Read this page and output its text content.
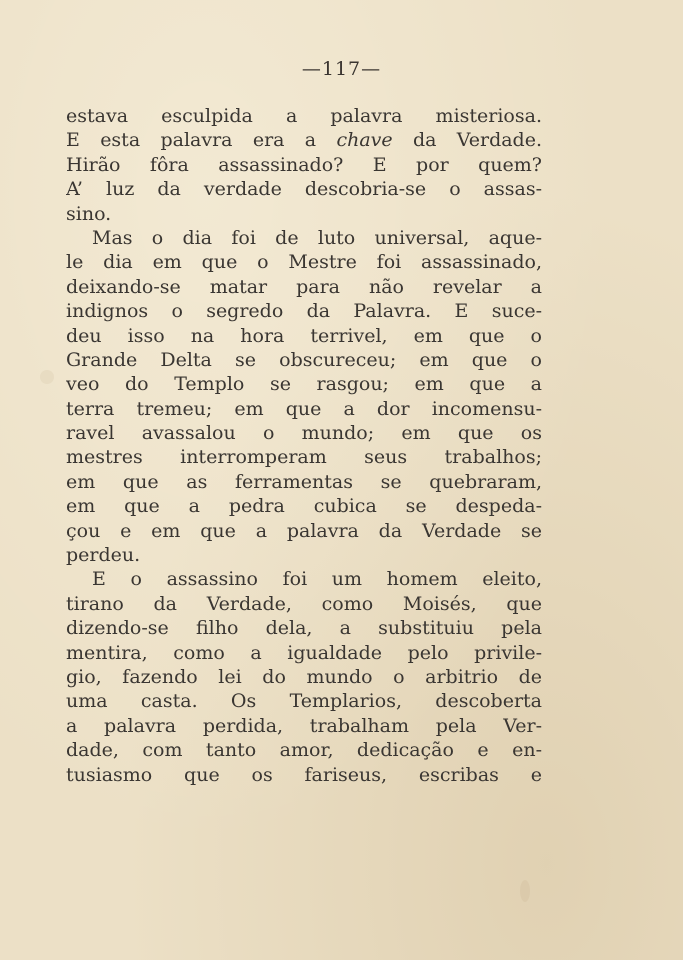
—117—
estava esculpida a palavra misteriosa.
E esta palavra era a chave da Verdade.
Hirão fôra assassinado? E por quem?
A’ luz da verdade descobria-se o assas-
sino.
Mas o dia foi de luto universal, aque-
le dia em que o Mestre foi assassinado,
deixando-se matar para não revelar a
indignos o segredo da Palavra. E suce-
deu isso na hora terrivel, em que o
Grande Delta se obscureceu; em que o
veo do Templo se rasgou; em que a
terra tremeu; em que a dor incomensu-
ravel avassalou o mundo; em que os
mestres interromperam seus trabalhos;
em que as ferramentas se quebraram,
em que a pedra cubica se despeda-
çou e em que a palavra da Verdade se
perdeu.
E o assassino foi um homem eleito,
tirano da Verdade, como Moisés, que
dizendo-se filho dela, a substituiu pela
mentira, como a igualdade pelo privile-
gio, fazendo lei do mundo o arbitrio de
uma casta. Os Templarios, descoberta
a palavra perdida, trabalham pela Ver-
dade, com tanto amor, dedicação e en-
tusiasmo que os fariseus, escribas e
